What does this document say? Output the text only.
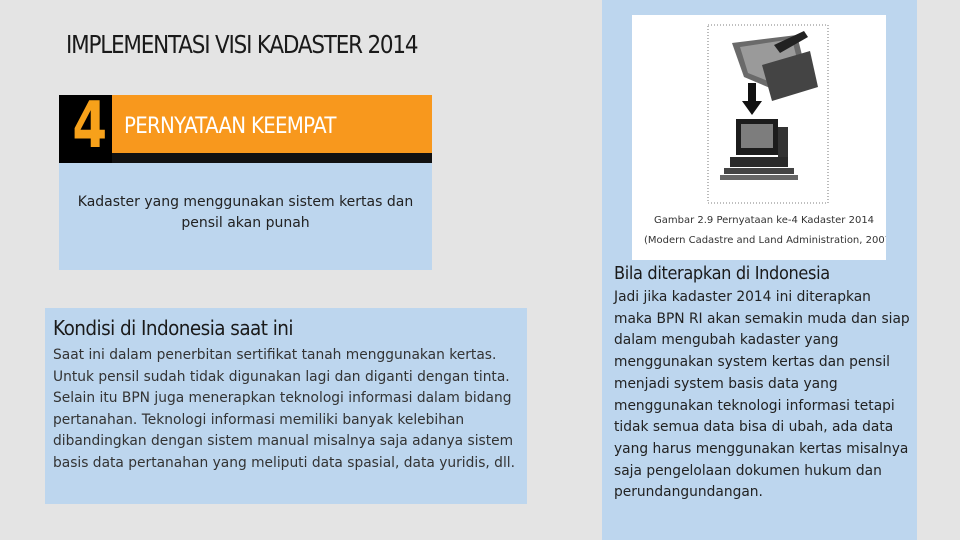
IMPLEMENTASI VISI KADASTER 2014
4 PERNYATAAN KEEMPAT
Kadaster yang menggunakan sistem kertas dan pensil akan punah
Kondisi di Indonesia saat ini
Saat ini dalam penerbitan sertifikat tanah menggunakan kertas. Untuk pensil sudah tidak digunakan lagi dan diganti dengan tinta. Selain itu BPN juga menerapkan teknologi informasi dalam bidang pertanahan. Teknologi informasi memiliki banyak kelebihan dibandingkan dengan sistem manual misalnya saja adanya sistem basis data pertanahan yang meliputi data spasial, data yuridis, dll.
Gambar 2.9 Pernyataan ke-4 Kadaster 2014
(Modern Cadastre and Land Administration, 2007)
Bila diterapkan di Indonesia
Jadi jika kadaster 2014 ini diterapkan maka BPN RI akan semakin muda dan siap dalam mengubah kadaster yang menggunakan system kertas dan pensil menjadi system basis data yang menggunakan teknologi informasi tetapi tidak semua data bisa di ubah, ada data yang harus menggunakan kertas misalnya saja pengelolaan dokumen hukum dan perundangundangan.
